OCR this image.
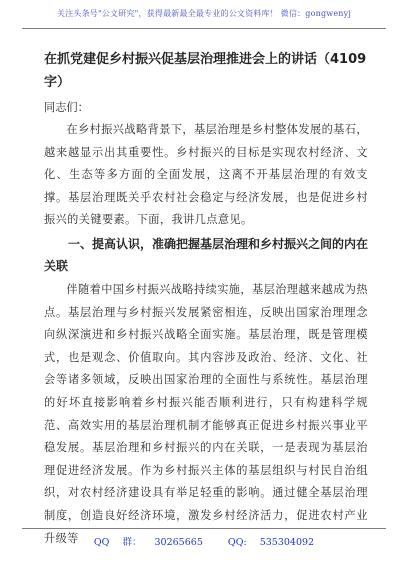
关注头条号"公文研究"，获得最新最全最专业的公文资料库！ 微信：gongwenyj

在抓党建促乡村振兴促基层治理推进会上的讲话（4109字）

同志们：

在乡村振兴战略背景下，基层治理是乡村整体发展的基石，越来越显示出其重要性。乡村振兴的目标是实现农村经济、文化、生态等多方面的全面发展，这离不开基层治理的有效支撑。基层治理既关乎农村社会稳定与经济发展，也是促进乡村振兴的关键要素。下面，我讲几点意见。

一、提高认识，准确把握基层治理和乡村振兴之间的内在关联

伴随着中国乡村振兴战略持续实施，基层治理越来越成为热点。基层治理与乡村振兴发展紧密相连，反映出国家治理理念向纵深演进和乡村振兴战略全面实施。基层治理，既是管理模式，也是观念、价值取向。其内容涉及政治、经济、文化、社会等诸多领域，反映出国家治理的全面性与系统性。基层治理的好坏直接影响着乡村振兴能否顺利进行，只有构建科学规范、高效实用的基层治理机制才能够真正促进乡村振兴事业平稳发展。基层治理和乡村振兴的内在关联，一是表现为基层治理促进经济发展。作为乡村振兴主体的基层组织与村民自治组织，对农村经济建设具有举足轻重的影响。通过健全基层治理制度，创造良好经济环境，激发乡村经济活力，促进农村产业升级等	QQ 群： 30265665	QQ: 535304092
